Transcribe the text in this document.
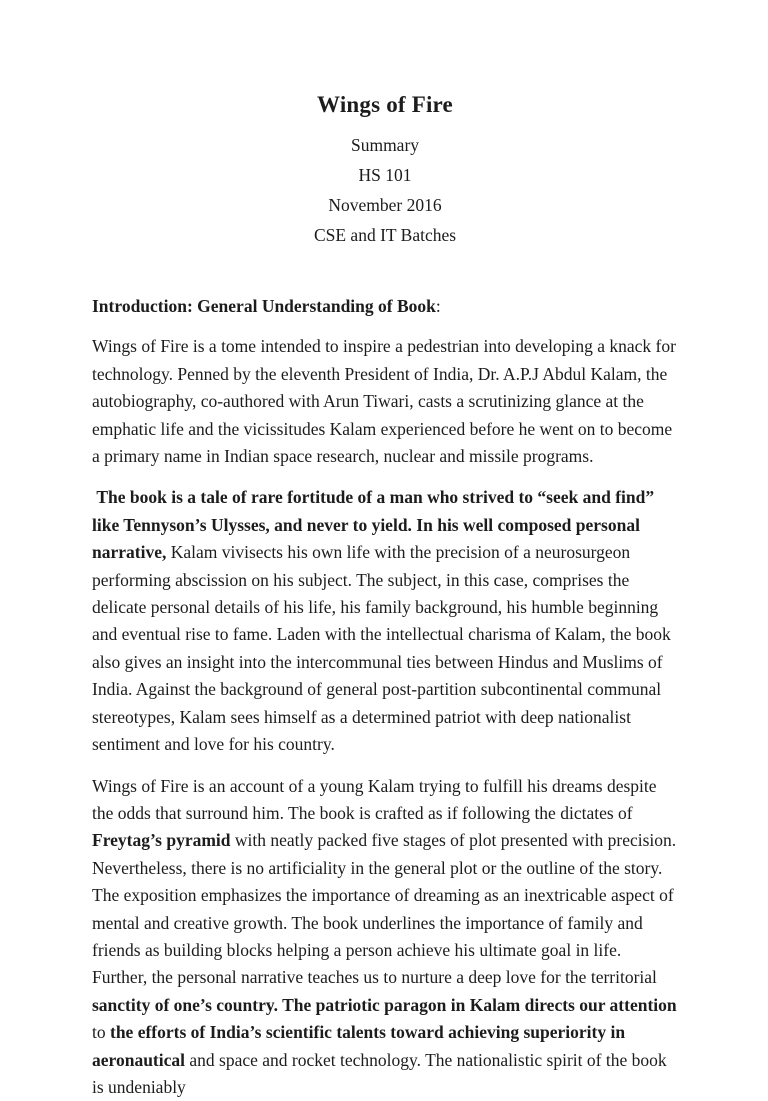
Wings of Fire
Summary
HS 101
November 2016
CSE and IT Batches
Introduction: General Understanding of Book:

Wings of Fire is a tome intended to inspire a pedestrian into developing a knack for technology. Penned by the eleventh President of India, Dr. A.P.J Abdul Kalam, the autobiography, co-authored with Arun Tiwari, casts a scrutinizing glance at the emphatic life and the vicissitudes Kalam experienced before he went on to become a primary name in Indian space research, nuclear and missile programs.

The book is a tale of rare fortitude of a man who strived to “seek and find” like Tennyson’s Ulysses, and never to yield. In his well composed personal narrative, Kalam vivisects his own life with the precision of a neurosurgeon performing abscission on his subject. The subject, in this case, comprises the delicate personal details of his life, his family background, his humble beginning and eventual rise to fame. Laden with the intellectual charisma of Kalam, the book also gives an insight into the intercommunal ties between Hindus and Muslims of India. Against the background of general post-partition subcontinental communal stereotypes, Kalam sees himself as a determined patriot with deep nationalist sentiment and love for his country.

Wings of Fire is an account of a young Kalam trying to fulfill his dreams despite the odds that surround him. The book is crafted as if following the dictates of Freytag’s pyramid with neatly packed five stages of plot presented with precision. Nevertheless, there is no artificiality in the general plot or the outline of the story. The exposition emphasizes the importance of dreaming as an inextricable aspect of mental and creative growth. The book underlines the importance of family and friends as building blocks helping a person achieve his ultimate goal in life. Further, the personal narrative teaches us to nurture a deep love for the territorial sanctity of one’s country. The patriotic paragon in Kalam directs our attention to the efforts of India’s scientific talents toward achieving superiority in aeronautical and space and rocket technology. The nationalistic spirit of the book is undeniably
